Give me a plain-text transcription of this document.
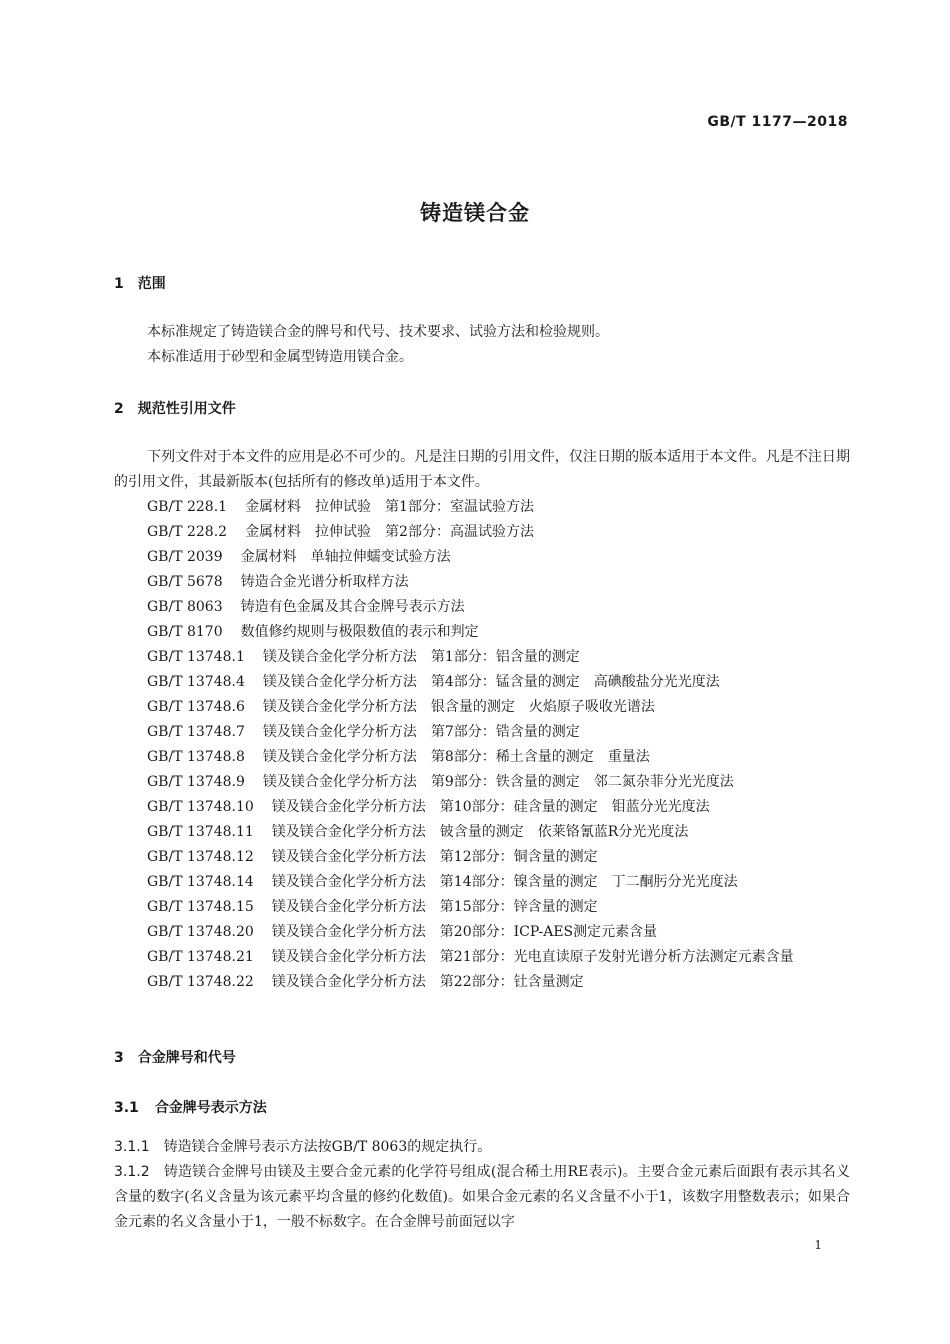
GB/T 1177—2018
铸造镁合金
1 范围
本标准规定了铸造镁合金的牌号和代号、技术要求、试验方法和检验规则。
本标准适用于砂型和金属型铸造用镁合金。
2 规范性引用文件
下列文件对于本文件的应用是必不可少的。凡是注日期的引用文件，仅注日期的版本适用于本文件。凡是不注日期的引用文件，其最新版本(包括所有的修改单)适用于本文件。
GB/T 228.1 金属材料　拉伸试验　第1部分：室温试验方法
GB/T 228.2 金属材料　拉伸试验　第2部分：高温试验方法
GB/T 2039 金属材料　单轴拉伸蠕变试验方法
GB/T 5678 铸造合金光谱分析取样方法
GB/T 8063 铸造有色金属及其合金牌号表示方法
GB/T 8170 数值修约规则与极限数值的表示和判定
GB/T 13748.1 镁及镁合金化学分析方法　第1部分：铝含量的测定
GB/T 13748.4 镁及镁合金化学分析方法　第4部分：锰含量的测定　高碘酸盐分光光度法
GB/T 13748.6 镁及镁合金化学分析方法　银含量的测定　火焰原子吸收光谱法
GB/T 13748.7 镁及镁合金化学分析方法　第7部分：锆含量的测定
GB/T 13748.8 镁及镁合金化学分析方法　第8部分：稀土含量的测定　重量法
GB/T 13748.9 镁及镁合金化学分析方法　第9部分：铁含量的测定　邻二氮杂菲分光光度法
GB/T 13748.10 镁及镁合金化学分析方法　第10部分：硅含量的测定　钼蓝分光光度法
GB/T 13748.11 镁及镁合金化学分析方法　铍含量的测定　依莱铬氰蓝R分光光度法
GB/T 13748.12 镁及镁合金化学分析方法　第12部分：铜含量的测定
GB/T 13748.14 镁及镁合金化学分析方法　第14部分：镍含量的测定　丁二酮肟分光光度法
GB/T 13748.15 镁及镁合金化学分析方法　第15部分：锌含量的测定
GB/T 13748.20 镁及镁合金化学分析方法　第20部分：ICP-AES测定元素含量
GB/T 13748.21 镁及镁合金化学分析方法　第21部分：光电直读原子发射光谱分析方法测定元素含量
GB/T 13748.22 镁及镁合金化学分析方法　第22部分：钍含量测定
3 合金牌号和代号
3.1 合金牌号表示方法
3.1.1 铸造镁合金牌号表示方法按GB/T 8063的规定执行。
3.1.2 铸造镁合金牌号由镁及主要合金元素的化学符号组成(混合稀土用RE表示)。主要合金元素后面跟有表示其名义含量的数字(名义含量为该元素平均含量的修约化数值)。如果合金元素的名义含量不小于1，该数字用整数表示；如果合金元素的名义含量小于1，一般不标数字。在合金牌号前面冠以字
1
